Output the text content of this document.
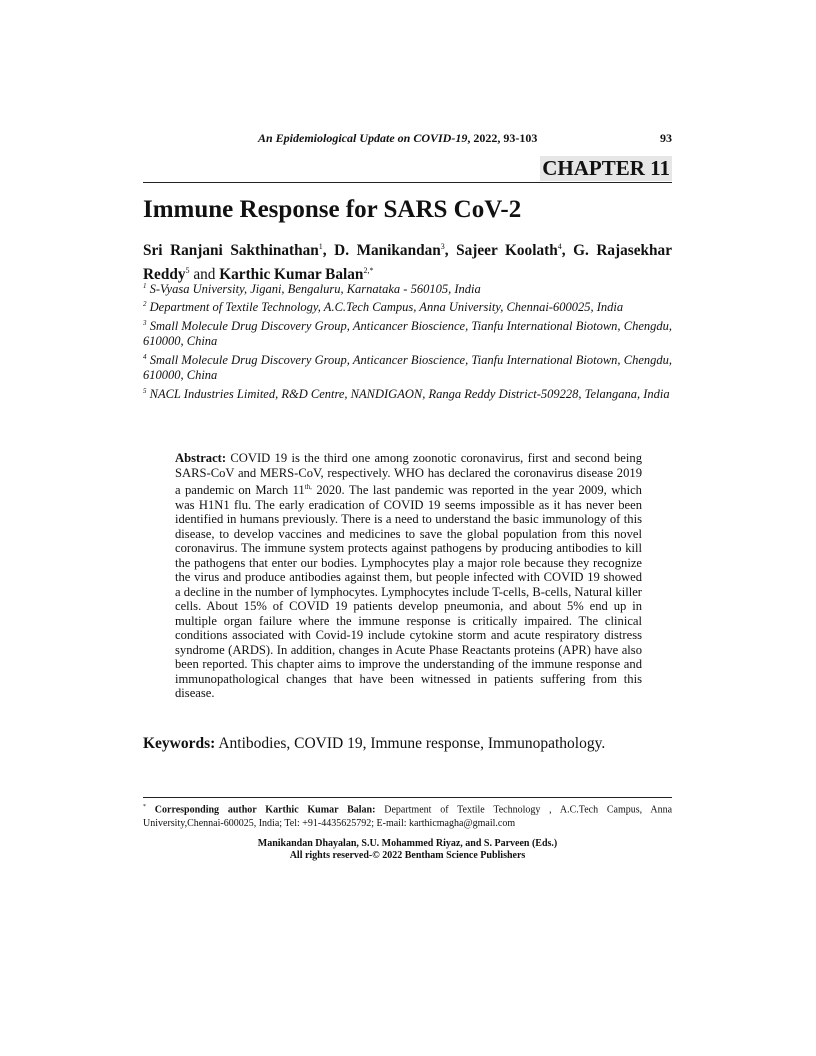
An Epidemiological Update on COVID-19, 2022, 93-103	93
CHAPTER 11
Immune Response for SARS CoV-2
Sri Ranjani Sakthinathan$^1$, D. Manikandan$^3$, Sajeer Koolath$^4$, G. Rajasekhar Reddy$^5$ and Karthic Kumar Balan$^{2,*}$
$^1$ S-Vyasa University, Jigani, Bengaluru, Karnataka - 560105, India
$^2$ Department of Textile Technology, A.C.Tech Campus, Anna University, Chennai-600025, India
$^3$ Small Molecule Drug Discovery Group, Anticancer Bioscience, Tianfu International Biotown, Chengdu, 610000, China
$^4$ Small Molecule Drug Discovery Group, Anticancer Bioscience, Tianfu International Biotown, Chengdu, 610000, China
$^5$ NACL Industries Limited, R&D Centre, NANDIGAON, Ranga Reddy District-509228, Telangana, India
Abstract: COVID 19 is the third one among zoonotic coronavirus, first and second being SARS-CoV and MERS-CoV, respectively. WHO has declared the coronavirus disease 2019 a pandemic on March $11^{th,}$ 2020. The last pandemic was reported in the year 2009, which was H1N1 flu. The early eradication of COVID 19 seems impossible as it has never been identified in humans previously. There is a need to understand the basic immunology of this disease, to develop vaccines and medicines to save the global population from this novel coronavirus. The immune system protects against pathogens by producing antibodies to kill the pathogens that enter our bodies. Lymphocytes play a major role because they recognize the virus and produce antibodies against them, but people infected with COVID 19 showed a decline in the number of lymphocytes. Lymphocytes include T-cells, B-cells, Natural killer cells. About 15% of COVID 19 patients develop pneumonia, and about 5% end up in multiple organ failure where the immune response is critically impaired. The clinical conditions associated with Covid-19 include cytokine storm and acute respiratory distress syndrome (ARDS). In addition, changes in Acute Phase Reactants proteins (APR) have also been reported. This chapter aims to improve the understanding of the immune response and immunopathological changes that have been witnessed in patients suffering from this disease.
Keywords: Antibodies, COVID 19, Immune response, Immunopathology.
* Corresponding author Karthic Kumar Balan: Department of Textile Technology , A.C.Tech Campus, Anna University,Chennai-600025, India; Tel: +91-4435625792; E-mail: karthicmagha@gmail.com
Manikandan Dhayalan, S.U. Mohammed Riyaz, and S. Parveen (Eds.)
All rights reserved-© 2022 Bentham Science Publishers
